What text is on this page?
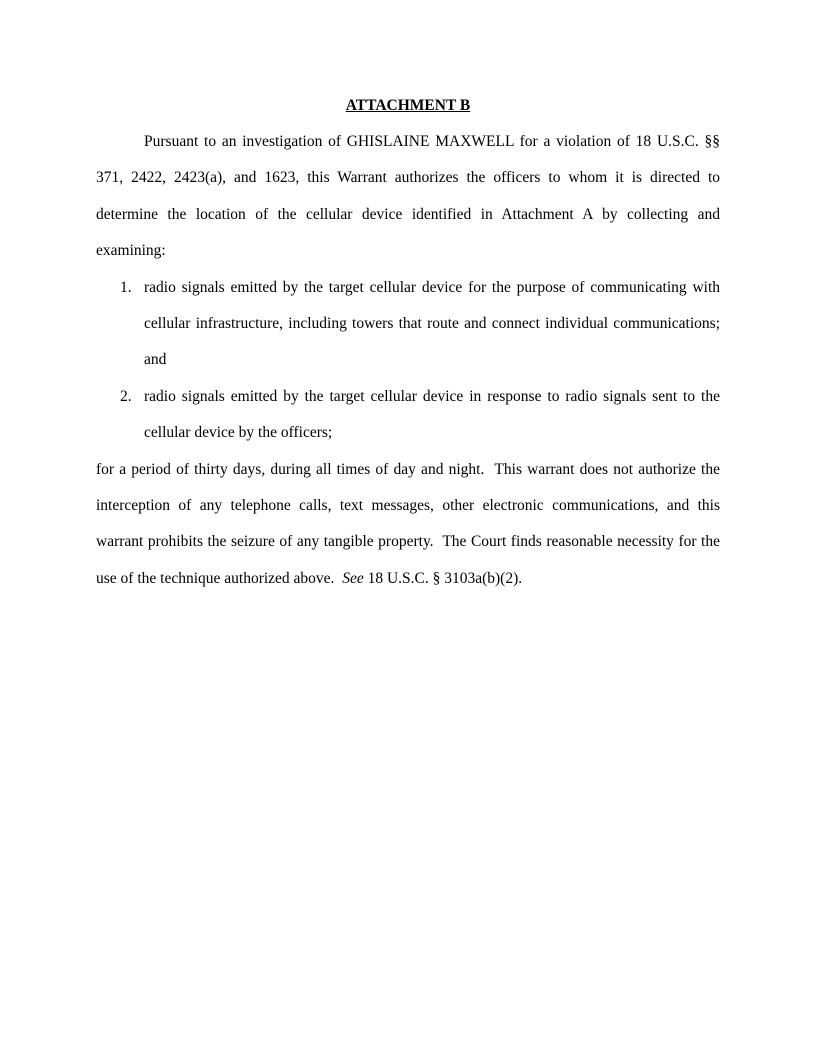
ATTACHMENT B

Pursuant to an investigation of GHISLAINE MAXWELL for a violation of 18 U.S.C. §§ 371, 2422, 2423(a), and 1623, this Warrant authorizes the officers to whom it is directed to determine the location of the cellular device identified in Attachment A by collecting and examining:

1. radio signals emitted by the target cellular device for the purpose of communicating with cellular infrastructure, including towers that route and connect individual communications; and
2. radio signals emitted by the target cellular device in response to radio signals sent to the cellular device by the officers;

for a period of thirty days, during all times of day and night.  This warrant does not authorize the interception of any telephone calls, text messages, other electronic communications, and this warrant prohibits the seizure of any tangible property.  The Court finds reasonable necessity for the use of the technique authorized above.  See 18 U.S.C. § 3103a(b)(2).
